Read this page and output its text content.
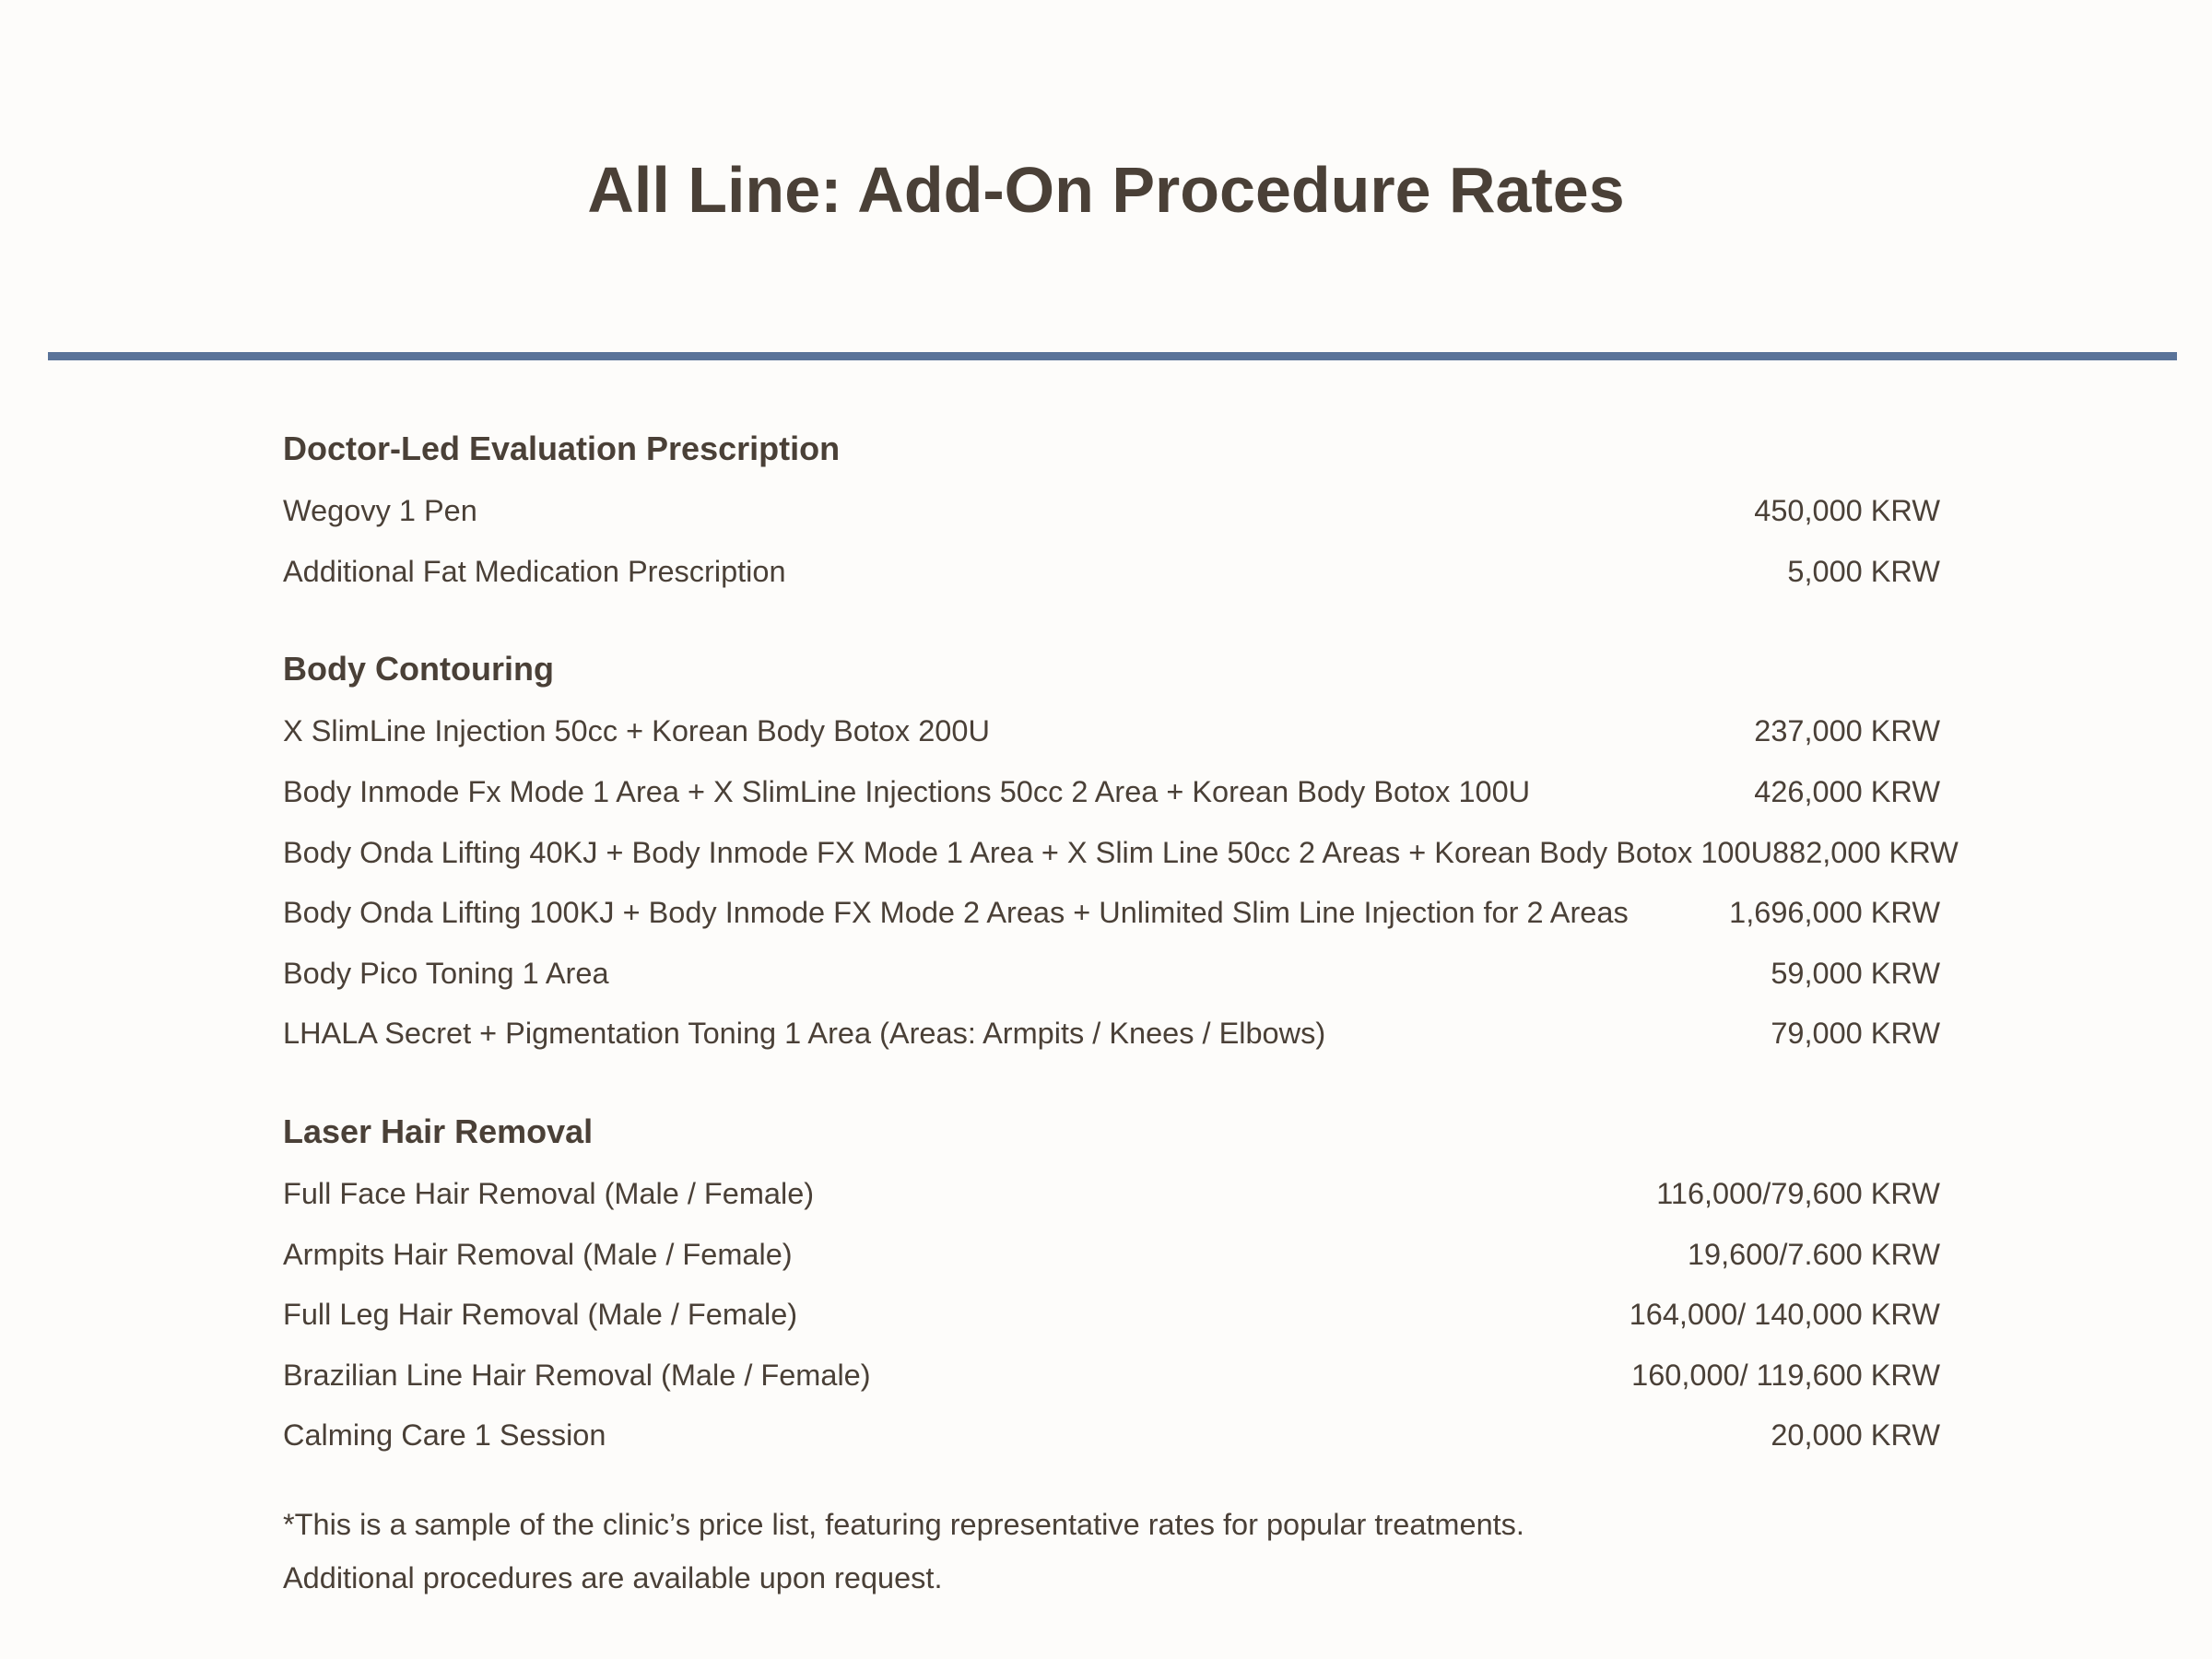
All Line: Add-On Procedure Rates
Doctor-Led Evaluation Prescription
Wegovy 1 Pen	450,000 KRW
Additional Fat Medication Prescription	5,000 KRW
Body Contouring
X SlimLine Injection 50cc + Korean Body Botox 200U	237,000 KRW
Body Inmode Fx Mode 1 Area + X SlimLine Injections 50cc 2 Area + Korean Body Botox 100U	426,000 KRW
Body Onda Lifting 40KJ + Body Inmode FX Mode 1 Area + X Slim Line 50cc 2 Areas + Korean Body Botox 100U 882,000 KRW
Body Onda Lifting 100KJ + Body Inmode FX Mode 2 Areas + Unlimited Slim Line Injection for 2 Areas	1,696,000 KRW
Body Pico Toning 1 Area	59,000 KRW
LHALA Secret + Pigmentation Toning 1 Area (Areas: Armpits / Knees / Elbows)	79,000 KRW
Laser Hair Removal
Full Face Hair Removal (Male / Female)	116,000/79,600 KRW
Armpits Hair Removal (Male / Female)	19,600/7.600 KRW
Full Leg Hair Removal (Male / Female)	164,000/ 140,000 KRW
Brazilian Line Hair Removal (Male / Female)	160,000/ 119,600 KRW
Calming Care 1 Session	20,000 KRW
*This is a sample of the clinic’s price list, featuring representative rates for popular treatments.
Additional procedures are available upon request.
